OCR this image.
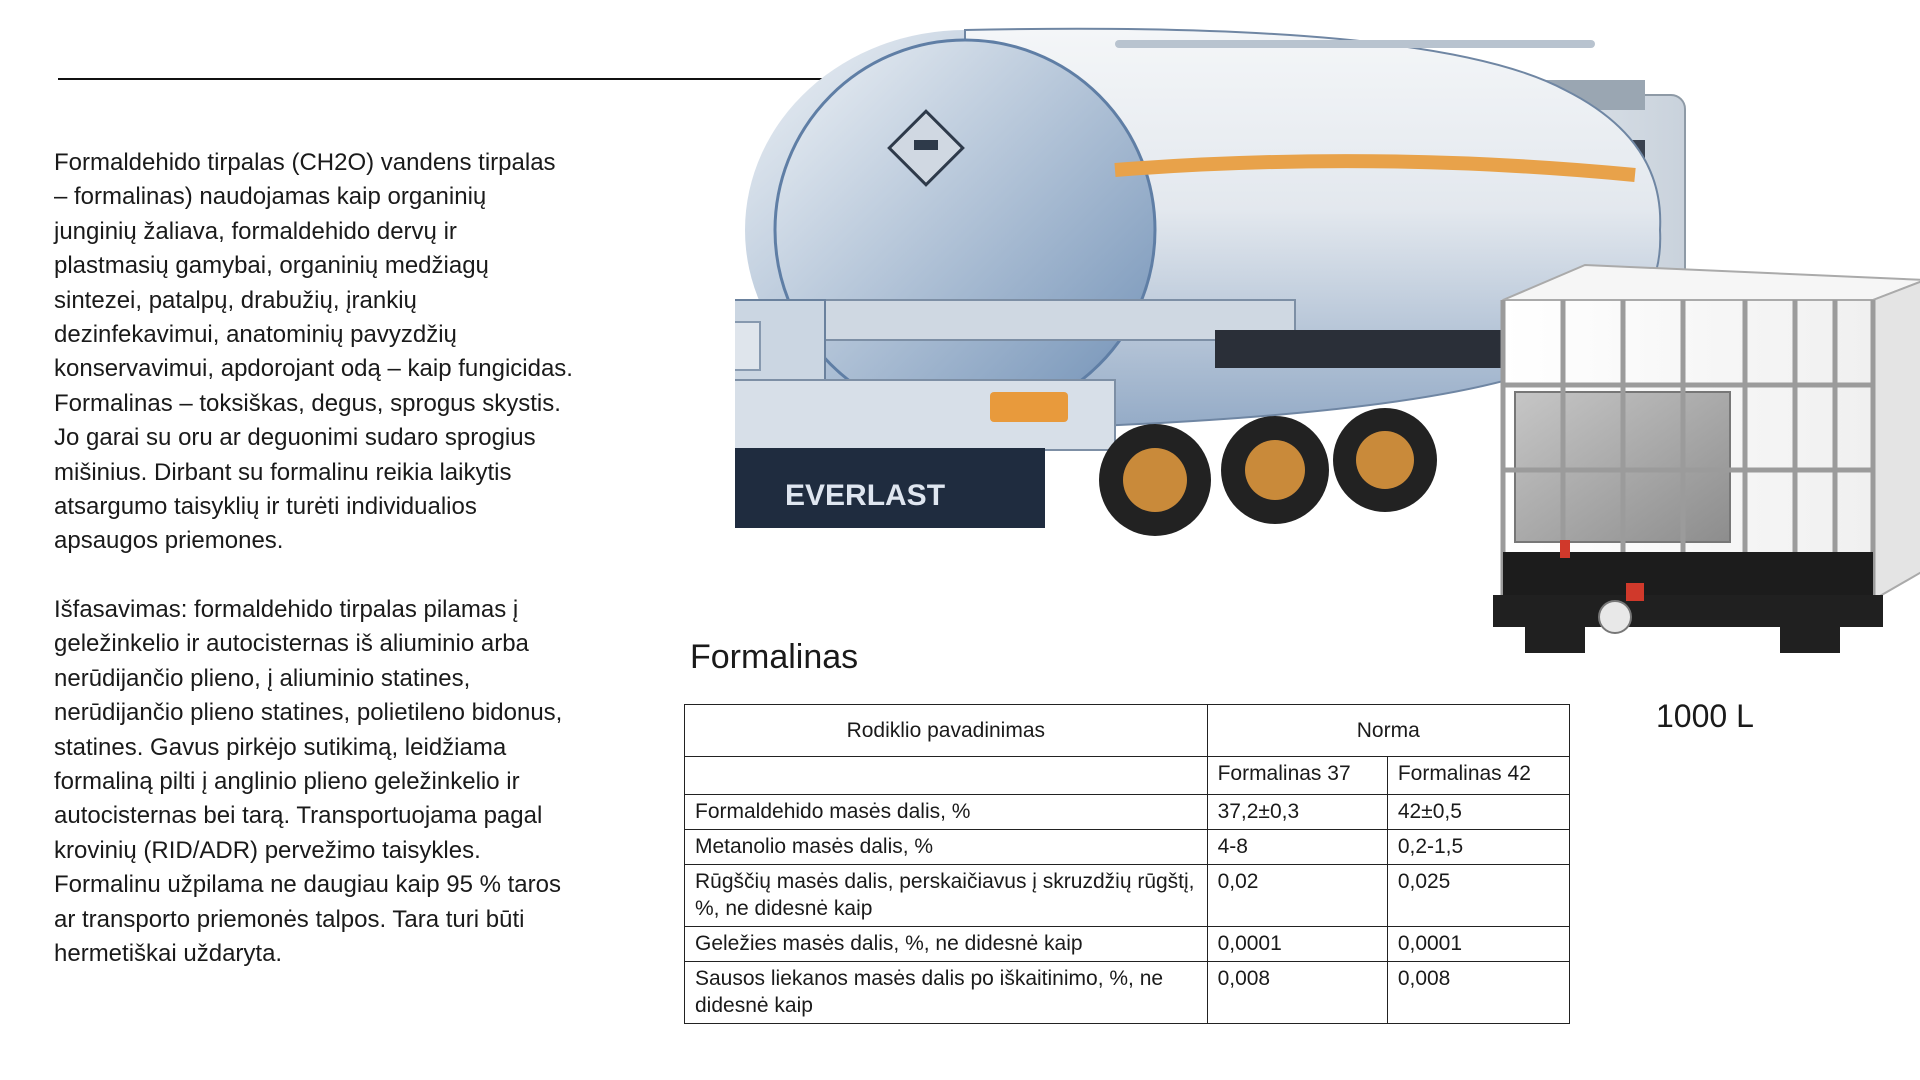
Formaldehido tirpalas (CH2O) vandens tirpalas – formalinas) naudojamas kaip organinių junginių žaliava, formaldehido dervų ir plastmasių gamybai, organinių medžiagų sintezei, patalpų, drabužių, įrankių dezinfekavimui, anatominių pavyzdžių konservavimui, apdorojant odą – kaip fungicidas. Formalinas – toksiškas, degus, sprogus skystis. Jo garai su oru ar deguonimi sudaro sprogius mišinius. Dirbant su formalinu reikia laikytis atsargumo taisyklių ir turėti individualios apsaugos priemones.

Išfasavimas: formaldehido tirpalas pilamas į geležinkelio ir autocisternas iš aliuminio arba nerūdijančio plieno, į aliuminio statines, nerūdijančio plieno statines, polietileno bidonus, statines. Gavus pirkėjo sutikimą, leidžiama formaliną pilti į anglinio plieno geležinkelio ir autocisternas bei tarą. Transportuojama pagal krovinių (RID/ADR) pervežimo taisykles. Formalinu užpilama ne daugiau kaip 95 % taros ar transporto priemonės talpos. Tara turi būti hermetiškai uždaryta.

EVERLAST
Formalinas
1000 L
Rodiklio pavadinimas	Norma	
	Formalinas 37	Formalinas 42
Formaldehido masės dalis, %	37,2±0,3	42±0,5
Metanolio masės dalis, %	4-8	0,2-1,5
Rūgščių masės dalis, perskaičiavus į skruzdžių rūgštį, %, ne didesnė kaip	0,02	0,025
Geležies masės dalis, %, ne didesnė kaip	0,0001	0,0001
Sausos liekanos masės dalis po iškaitinimo, %, ne didesnė kaip	0,008	0,008
